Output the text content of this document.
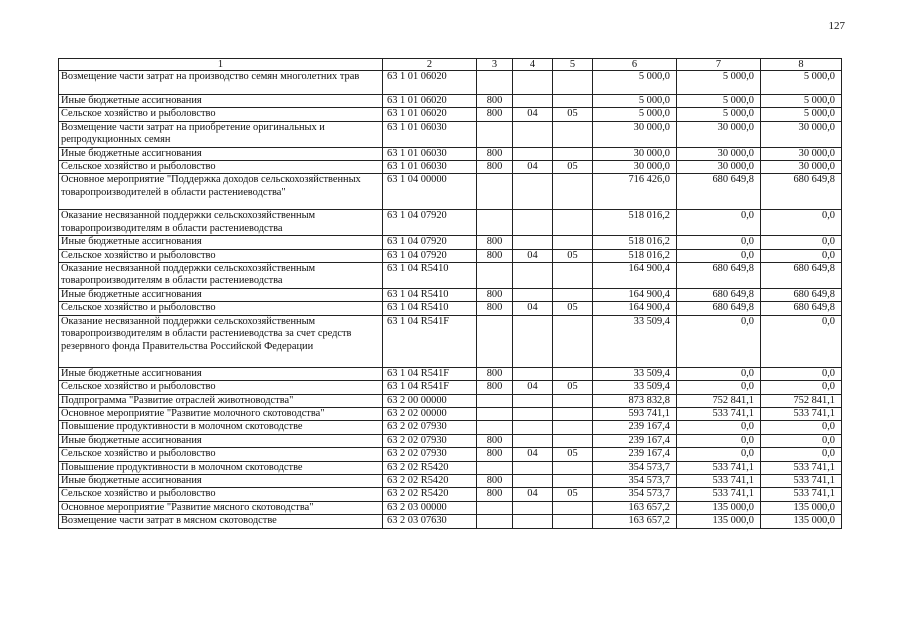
127
1	2	3	4	5	6	7	8
Возмещение части затрат на производство семян многолетних трав	63 1 01 06020				5 000,0	5 000,0	5 000,0
Иные бюджетные ассигнования	63 1 01 06020	800			5 000,0	5 000,0	5 000,0
Сельское хозяйство и рыболовство	63 1 01 06020	800	04	05	5 000,0	5 000,0	5 000,0
Возмещение части затрат на приобретение оригинальных и репродукционных семян	63 1 01 06030				30 000,0	30 000,0	30 000,0
Иные бюджетные ассигнования	63 1 01 06030	800			30 000,0	30 000,0	30 000,0
Сельское хозяйство и рыболовство	63 1 01 06030	800	04	05	30 000,0	30 000,0	30 000,0
Основное мероприятие "Поддержка доходов сельскохозяйственных товаропроизводителей в области растениеводства"	63 1 04 00000				716 426,0	680 649,8	680 649,8
Оказание несвязанной поддержки сельскохозяйственным товаропроизводителям в области растениеводства	63 1 04 07920				518 016,2	0,0	0,0
Иные бюджетные ассигнования	63 1 04 07920	800			518 016,2	0,0	0,0
Сельское хозяйство и рыболовство	63 1 04 07920	800	04	05	518 016,2	0,0	0,0
Оказание несвязанной поддержки сельскохозяйственным товаропроизводителям в области растениеводства	63 1 04 R5410				164 900,4	680 649,8	680 649,8
Иные бюджетные ассигнования	63 1 04 R5410	800			164 900,4	680 649,8	680 649,8
Сельское хозяйство и рыболовство	63 1 04 R5410	800	04	05	164 900,4	680 649,8	680 649,8
Оказание несвязанной поддержки сельскохозяйственным товаропроизводителям в области растениеводства за счет средств резервного фонда Правительства Российской Федерации	63 1 04 R541F				33 509,4	0,0	0,0
Иные бюджетные ассигнования	63 1 04 R541F	800			33 509,4	0,0	0,0
Сельское хозяйство и рыболовство	63 1 04 R541F	800	04	05	33 509,4	0,0	0,0
Подпрограмма "Развитие отраслей животноводства"	63 2 00 00000				873 832,8	752 841,1	752 841,1
Основное мероприятие "Развитие молочного скотоводства"	63 2 02 00000				593 741,1	533 741,1	533 741,1
Повышение продуктивности в молочном скотоводстве	63 2 02 07930				239 167,4	0,0	0,0
Иные бюджетные ассигнования	63 2 02 07930	800			239 167,4	0,0	0,0
Сельское хозяйство и рыболовство	63 2 02 07930	800	04	05	239 167,4	0,0	0,0
Повышение продуктивности в молочном скотоводстве	63 2 02 R5420				354 573,7	533 741,1	533 741,1
Иные бюджетные ассигнования	63 2 02 R5420	800			354 573,7	533 741,1	533 741,1
Сельское хозяйство и рыболовство	63 2 02 R5420	800	04	05	354 573,7	533 741,1	533 741,1
Основное мероприятие "Развитие мясного скотоводства"	63 2 03 00000				163 657,2	135 000,0	135 000,0
Возмещение части затрат в мясном скотоводстве	63 2 03 07630				163 657,2	135 000,0	135 000,0
